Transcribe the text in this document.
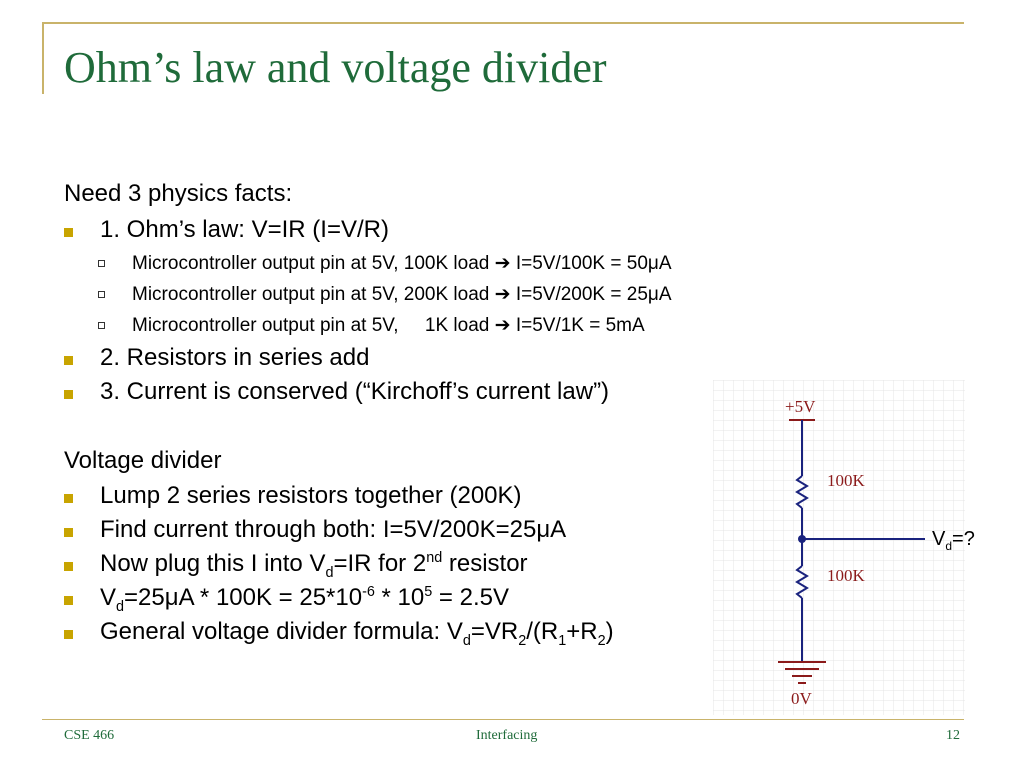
Ohm’s law and voltage divider
Need 3 physics facts:
1. Ohm’s law: V=IR (I=V/R)
Microcontroller output pin at 5V, 100K load ➔ I=5V/100K = 50μA
Microcontroller output pin at 5V, 200K load ➔ I=5V/200K = 25μA
Microcontroller output pin at 5V,     1K load ➔ I=5V/1K = 5mA
2. Resistors in series add
3. Current is conserved (“Kirchoff’s current law”)
Voltage divider
Lump 2 series resistors together (200K)
Find current through both: I=5V/200K=25μA
Now plug this I into $V_d=IR$ for 2nd resistor
$V_d=25\mu A * 100K = 25*10^{-6} * 10^5 = 2.5V$
General voltage divider formula: $V_d=VR_2/(R_1+R_2)$
+5V
100K
100K
0V
$V_d=$?
CSE 466	Interfacing	12
